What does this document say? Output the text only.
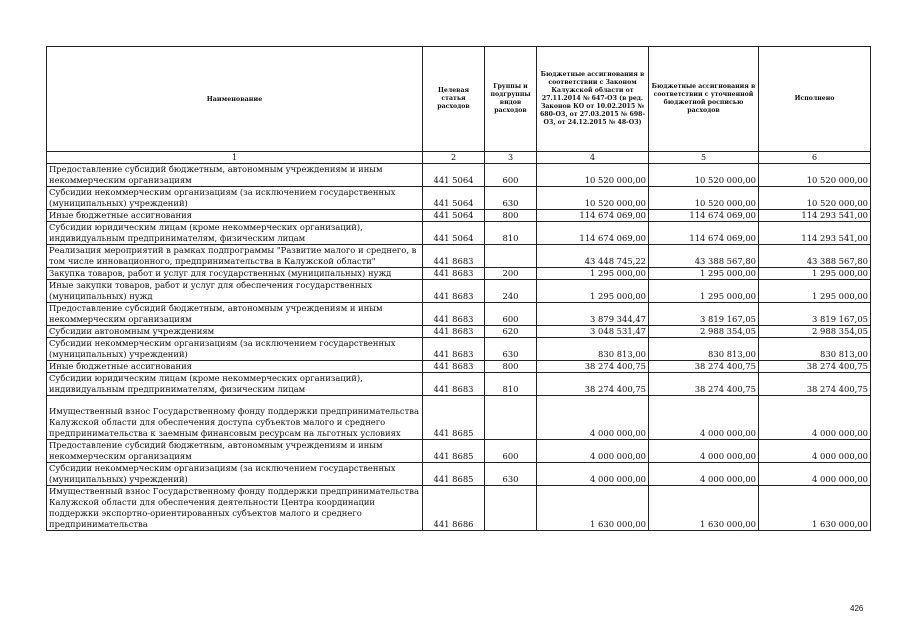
Наименование	Целевая статья расходов	Группы и подгруппы видов расходов	Бюджетные ассигнования в соответствии с Законом Калужской области от 27.11.2014 № 647-ОЗ (в ред. Законов КО от 10.02.2015 № 680-ОЗ, от 27.03.2015 № 698-ОЗ, от 24.12.2015 № 48-ОЗ)	Бюджетные ассигнования в соответствии с уточненной бюджетной росписью расходов	Исполнено
1	2	3	4	5	6
Предоставление субсидий бюджетным, автономным учреждениям и иным некоммерческим организациям	441 5064	600	10 520 000,00	10 520 000,00	10 520 000,00
Субсидии некоммерческим организациям (за исключением государственных (муниципальных) учреждений)	441 5064	630	10 520 000,00	10 520 000,00	10 520 000,00
Иные бюджетные ассигнования	441 5064	800	114 674 069,00	114 674 069,00	114 293 541,00
Субсидии юридическим лицам (кроме некоммерческих организаций), индивидуальным предпринимателям, физическим лицам	441 5064	810	114 674 069,00	114 674 069,00	114 293 541,00
Реализация мероприятий в рамках подпрограммы "Развитие малого и среднего, в том числе инновационного, предпринимательства в Калужской области"	441 8683		43 448 745,22	43 388 567,80	43 388 567,80
Закупка товаров, работ и услуг для государственных (муниципальных) нужд	441 8683	200	1 295 000,00	1 295 000,00	1 295 000,00
Иные закупки товаров, работ и услуг для обеспечения государственных (муниципальных) нужд	441 8683	240	1 295 000,00	1 295 000,00	1 295 000,00
Предоставление субсидий бюджетным, автономным учреждениям и иным некоммерческим организациям	441 8683	600	3 879 344,47	3 819 167,05	3 819 167,05
Субсидии автономным учреждениям	441 8683	620	3 048 531,47	2 988 354,05	2 988 354,05
Субсидии некоммерческим организациям (за исключением государственных (муниципальных) учреждений)	441 8683	630	830 813,00	830 813,00	830 813,00
Иные бюджетные ассигнования	441 8683	800	38 274 400,75	38 274 400,75	38 274 400,75
Субсидии юридическим лицам (кроме некоммерческих организаций), индивидуальным предпринимателям, физическим лицам	441 8683	810	38 274 400,75	38 274 400,75	38 274 400,75
Имущественный взнос Государственному фонду поддержки предпринимательства Калужской области для обеспечения доступа субъектов малого и среднего предпринимательства к заемным финансовым ресурсам на льготных условиях	441 8685		4 000 000,00	4 000 000,00	4 000 000,00
Предоставление субсидий бюджетным, автономным учреждениям и иным некоммерческим организациям	441 8685	600	4 000 000,00	4 000 000,00	4 000 000,00
Субсидии некоммерческим организациям (за исключением государственных (муниципальных) учреждений)	441 8685	630	4 000 000,00	4 000 000,00	4 000 000,00
Имущественный взнос Государственному фонду поддержки предпринимательства Калужской области для обеспечения деятельности Центра координации поддержки экспортно-ориентированных субъектов малого и среднего предпринимательства	441 8686		1 630 000,00	1 630 000,00	1 630 000,00
426
